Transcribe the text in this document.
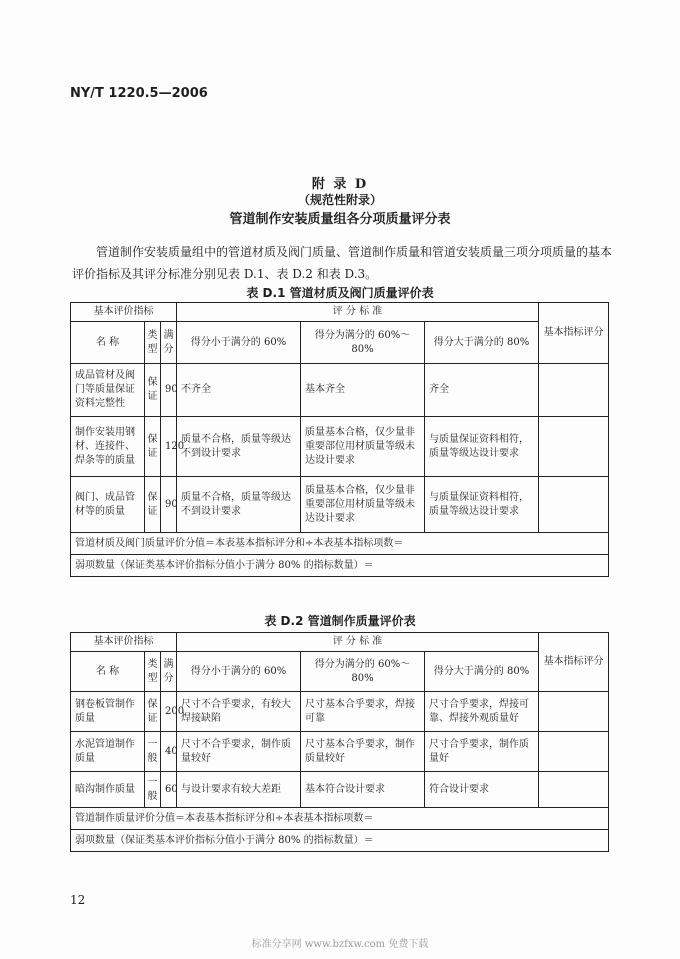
NY/T 1220.5—2006
附 录 D
（规范性附录）
管道制作安装质量组各分项质量评分表
管道制作安装质量组中的管道材质及阀门质量、管道制作质量和管道安装质量三项分项质量的基本评价指标及其评分标准分别见表 D.1、表 D.2 和表 D.3。
表 D.1 管道材质及阀门质量评价表
基本评价指标			评 分 标 准			基本指标评分
名 称	类型	满分	得分小于满分的 60%	得分为满分的 60%～80%	得分大于满分的 80%	
成品管材及阀门等质量保证资料完整性	保证	90	不齐全	基本齐全	齐全	
制作安装用钢材、连接件、焊条等的质量	保证	120	质量不合格，质量等级达不到设计要求	质量基本合格，仅少量非重要部位用材质量等级未达设计要求	与质量保证资料相符，质量等级达设计要求	
阀门、成品管材等的质量	保证	90	质量不合格，质量等级达不到设计要求	质量基本合格，仅少量非重要部位用材质量等级未达设计要求	与质量保证资料相符，质量等级达设计要求	
管道材质及阀门质量评价分值＝本表基本指标评分和÷本表基本指标项数＝						
弱项数量（保证类基本评价指标分值小于满分 80% 的指标数量）＝						
表 D.2 管道制作质量评价表
基本评价指标			评 分 标 准			基本指标评分
名 称	类型	满分	得分小于满分的 60%	得分为满分的 60%～80%	得分大于满分的 80%	
钢卷板管制作质量	保证	200	尺寸不合乎要求，有较大焊接缺陷	尺寸基本合乎要求，焊接可靠	尺寸合乎要求，焊接可靠、焊接外观质量好	
水泥管道制作质量	一般	40	尺寸不合乎要求，制作质量较好	尺寸基本合乎要求，制作质量较好	尺寸合乎要求，制作质量好	
暗沟制作质量	一般	60	与设计要求有较大差距	基本符合设计要求	符合设计要求	
管道制作质量评价分值＝本表基本指标评分和÷本表基本指标项数＝						
弱项数量（保证类基本评价指标分值小于满分 80% 的指标数量）＝						
12
标准分享网 www.bzfxw.com 免费下载
